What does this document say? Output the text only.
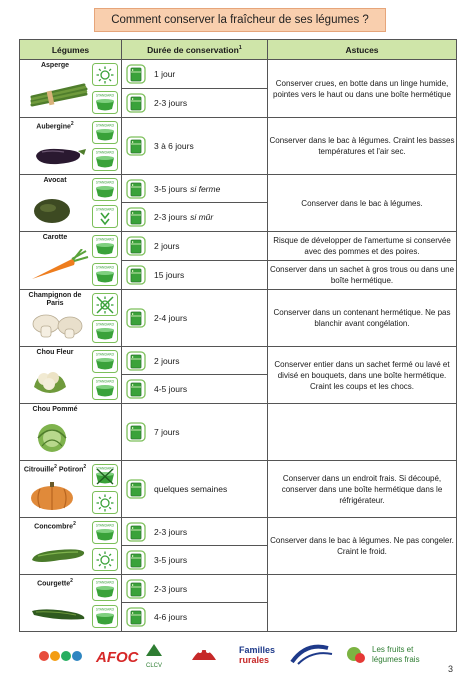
Comment conserver la fraîcheur de ses légumes ?
Légumes	Durée de conservation$^1$	Astuces

Asperge	1 jour	Conserver crues, en botte dans un linge humide, pointes vers le haut ou dans une boîte hermétique

2-3 jours	

Aubergine$^2$	3 à 6 jours	Conserver dans le bac à légumes. Craint les basses températures et l'air sec.

Avocat	3-5 jours si ferme	Conserver dans le bac à légumes.

	2-3 jours si mûr	

Carotte	2 jours	Risque de développer de l'amertume si conservée avec des pommes et des poires.

15 jours	Conserver dans un sachet à gros trous ou dans une boîte hermétique.

Champignon de Paris	2-4 jours	Conserver dans un contenant hermétique. Ne pas blanchir avant congélation.

Chou Fleur	2 jours	Conserver entier dans un sachet fermé ou lavé et divisé en bouquets, dans une boîte hermétique. Craint les coups et les chocs.

4-5 jours	

Chou Pommé	7 jours	

Citrouille$^2$ Potiron$^2$	quelques semaines	Conserver dans un endroit frais. Si découpé, conserver dans une boîte hermétique dans le réfrigérateur.

Concombre$^2$	2-3 jours	Conserver dans le bac à légumes. Ne pas congeler. Craint le froid.

3-5 jours	

Courgette$^2$	2-3 jours	

4-6 jours	
AFOC CLCV
Familles
rurales
Les fruits et
légumes frais
3
